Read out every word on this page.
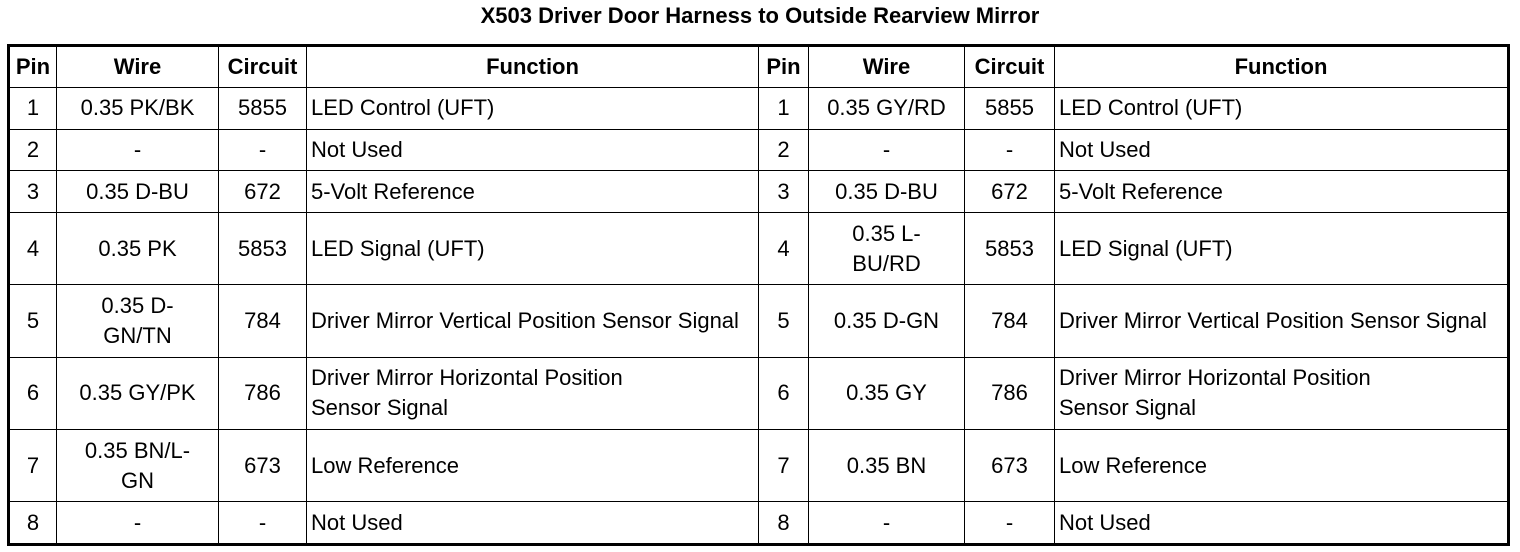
X503 Driver Door Harness to Outside Rearview Mirror
Pin	Wire	Circuit	Function	Pin	Wire	Circuit	Function
1	0.35 PK/BK	5855	LED Control (UFT)	1	0.35 GY/RD	5855	LED Control (UFT)
2	-	-	Not Used	2	-	-	Not Used
3	0.35 D-BU	672	5-Volt Reference	3	0.35 D-BU	672	5-Volt Reference
4	0.35 PK	5853	LED Signal (UFT)	4	0.35 L-BU/RD	5853	LED Signal (UFT)
5	0.35 D-GN/TN	784	Driver Mirror Vertical Position Sensor Signal	5	0.35 D-GN	784	Driver Mirror Vertical Position Sensor Signal
6	0.35 GY/PK	786	Driver Mirror Horizontal Position Sensor Signal	6	0.35 GY	786	Driver Mirror Horizontal Position Sensor Signal
7	0.35 BN/L-GN	673	Low Reference	7	0.35 BN	673	Low Reference
8	-	-	Not Used	8	-	-	Not Used
